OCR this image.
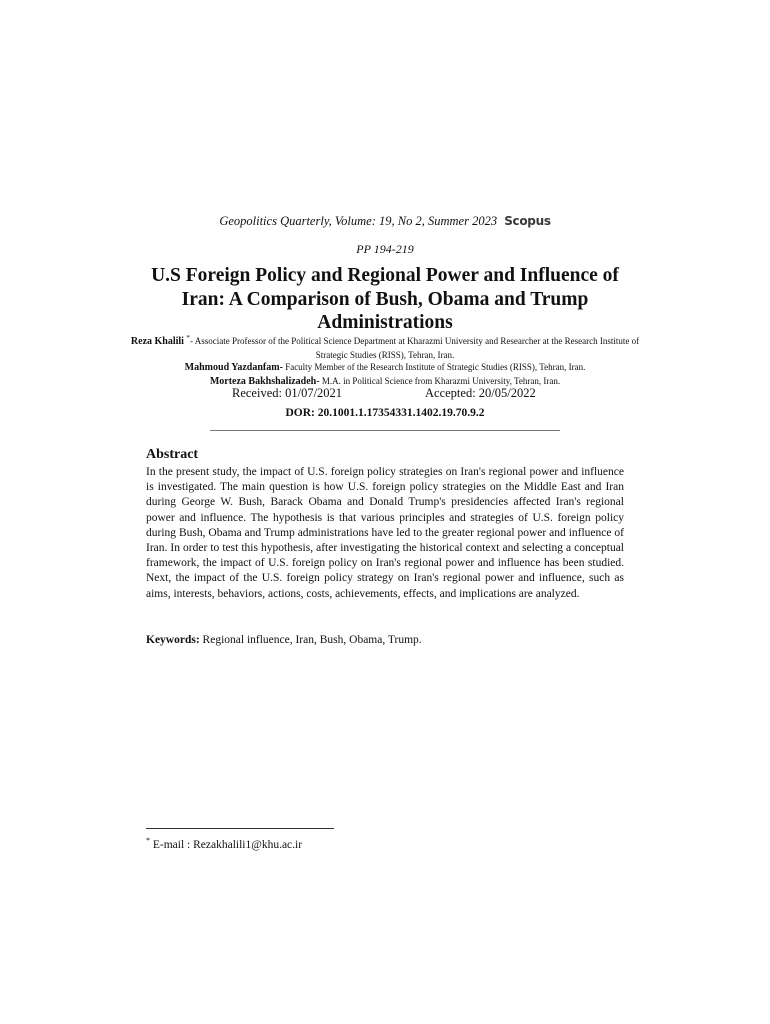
Geopolitics Quarterly, Volume: 19, No 2, Summer 2023 Scopus
PP 194-219
U.S Foreign Policy and Regional Power and Influence of Iran: A Comparison of Bush, Obama and Trump Administrations
Reza Khalili *- Associate Professor of the Political Science Department at Kharazmi University and Researcher at the Research Institute of Strategic Studies (RISS), Tehran, Iran.
Mahmoud Yazdanfam- Faculty Member of the Research Institute of Strategic Studies (RISS), Tehran, Iran.
Morteza Bakhshalizadeh- M.A. in Political Science from Kharazmi University, Tehran, Iran.
Received: 01/07/2021	Accepted: 20/05/2022
DOR: 20.1001.1.17354331.1402.19.70.9.2
Abstract
In the present study, the impact of U.S. foreign policy strategies on Iran's regional power and influence is investigated. The main question is how U.S. foreign policy strategies on the Middle East and Iran during George W. Bush, Barack Obama and Donald Trump's presidencies affected Iran's regional power and influence. The hypothesis is that various principles and strategies of U.S. foreign policy during Bush, Obama and Trump administrations have led to the greater regional power and influence of Iran. In order to test this hypothesis, after investigating the historical context and selecting a conceptual framework, the impact of U.S. foreign policy on Iran's regional power and influence has been studied. Next, the impact of the U.S. foreign policy strategy on Iran's regional power and influence, such as aims, interests, behaviors, actions, costs, achievements, effects, and implications are analyzed.
Keywords: Regional influence, Iran, Bush, Obama, Trump.
* E-mail : Rezakhalili1@khu.ac.ir
